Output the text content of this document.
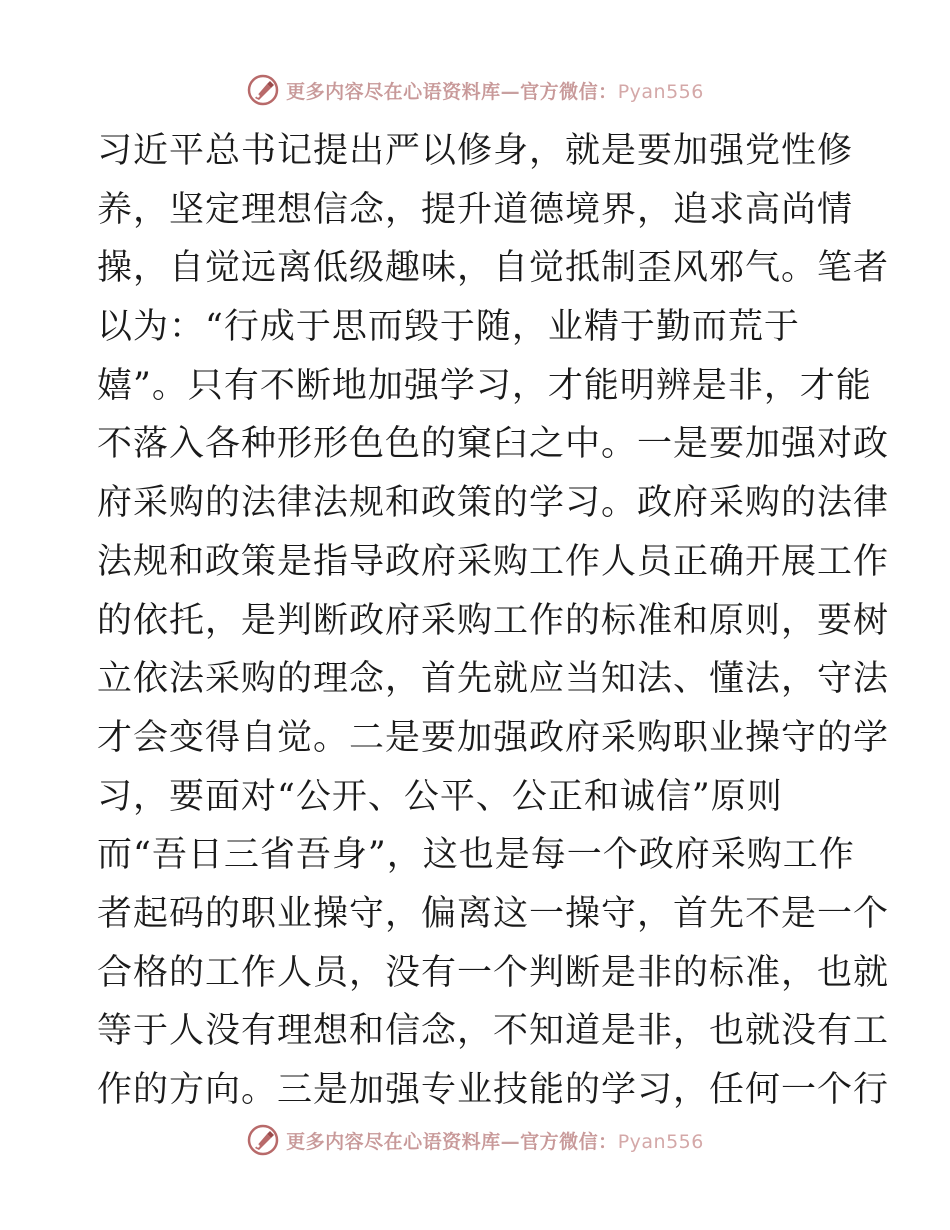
更多内容尽在心语资料库—官方微信：Pyan556
习近平总书记提出严以修身，就是要加强党性修
养，坚定理想信念，提升道德境界，追求高尚情
操，自觉远离低级趣味，自觉抵制歪风邪气。笔者
以为：“行成于思而毁于随，业精于勤而荒于
嬉”。只有不断地加强学习，才能明辨是非，才能
不落入各种形形色色的窠臼之中。一是要加强对政
府采购的法律法规和政策的学习。政府采购的法律
法规和政策是指导政府采购工作人员正确开展工作
的依托，是判断政府采购工作的标准和原则，要树
立依法采购的理念，首先就应当知法、懂法，守法
才会变得自觉。二是要加强政府采购职业操守的学
习，要面对“公开、公平、公正和诚信”原则
而“吾日三省吾身”，这也是每一个政府采购工作
者起码的职业操守，偏离这一操守，首先不是一个
合格的工作人员，没有一个判断是非的标准，也就
等于人没有理想和信念，不知道是非，也就没有工
作的方向。三是加强专业技能的学习，任何一个行
更多内容尽在心语资料库—官方微信：Pyan556
